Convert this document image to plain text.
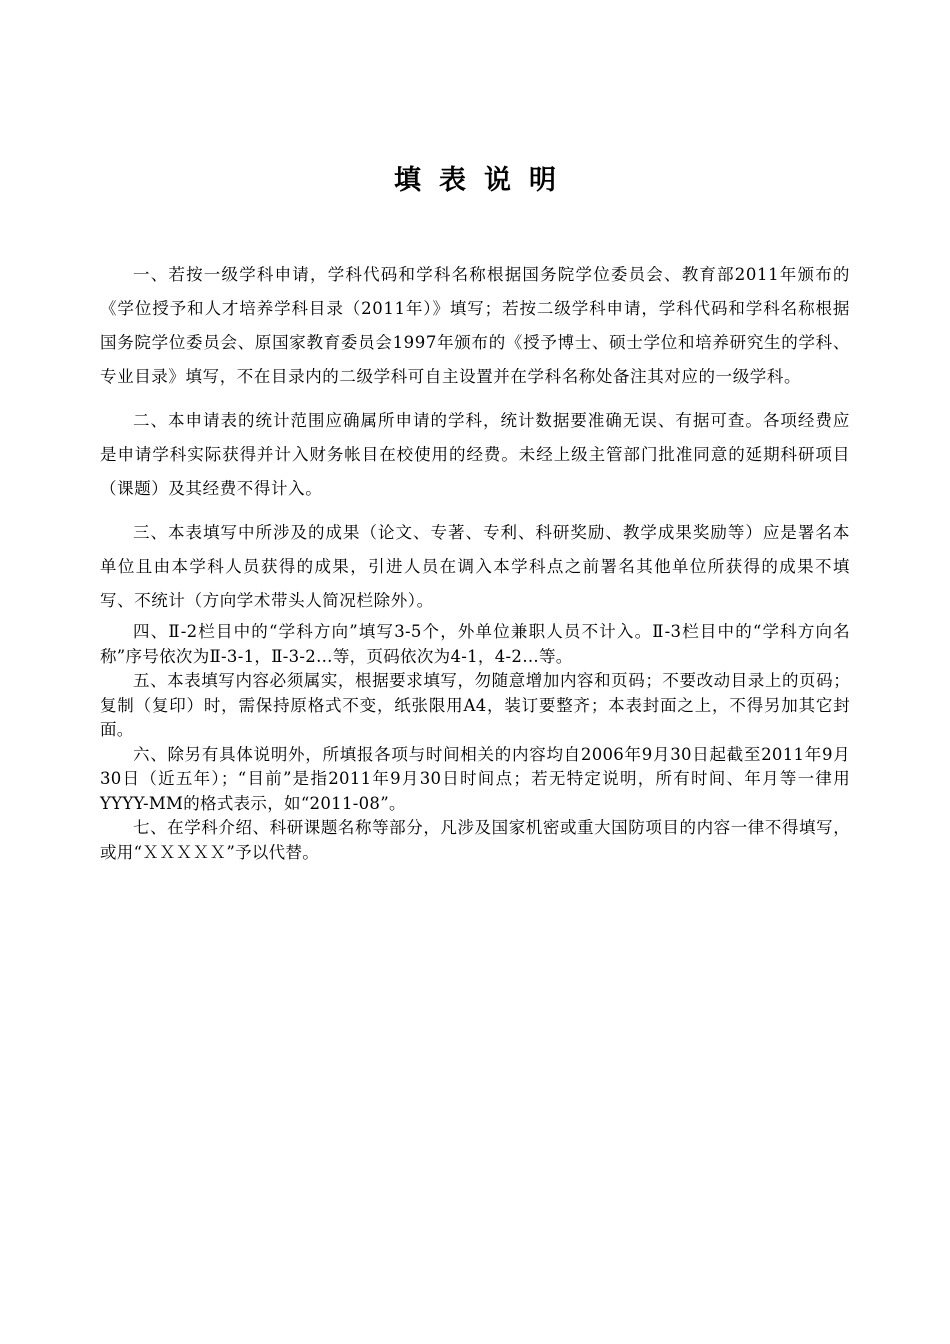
填表说明

一、若按一级学科申请，学科代码和学科名称根据国务院学位委员会、教育部2011年颁布的《学位授予和人才培养学科目录（2011年）》填写；若按二级学科申请，学科代码和学科名称根据国务院学位委员会、原国家教育委员会1997年颁布的《授予博士、硕士学位和培养研究生的学科、专业目录》填写，不在目录内的二级学科可自主设置并在学科名称处备注其对应的一级学科。

二、本申请表的统计范围应确属所申请的学科，统计数据要准确无误、有据可查。各项经费应是申请学科实际获得并计入财务帐目在校使用的经费。未经上级主管部门批准同意的延期科研项目（课题）及其经费不得计入。

三、本表填写中所涉及的成果（论文、专著、专利、科研奖励、教学成果奖励等）应是署名本单位且由本学科人员获得的成果，引进人员在调入本学科点之前署名其他单位所获得的成果不填写、不统计（方向学术带头人简况栏除外）。

四、Ⅱ-2栏目中的“学科方向”填写3-5个，外单位兼职人员不计入。Ⅱ-3栏目中的“学科方向名称”序号依次为Ⅱ-3-1，Ⅱ-3-2…等，页码依次为4-1，4-2…等。

五、本表填写内容必须属实，根据要求填写，勿随意增加内容和页码；不要改动目录上的页码；复制（复印）时，需保持原格式不变，纸张限用A4，装订要整齐；本表封面之上，不得另加其它封面。

六、除另有具体说明外，所填报各项与时间相关的内容均自2006年9月30日起截至2011年9月30日（近五年）；“目前”是指2011年9月30日时间点；若无特定说明，所有时间、年月等一律用YYYY-MM的格式表示，如“2011-08”。

七、在学科介绍、科研课题名称等部分，凡涉及国家机密或重大国防项目的内容一律不得填写，或用“ＸＸＸＸＸ”予以代替。
